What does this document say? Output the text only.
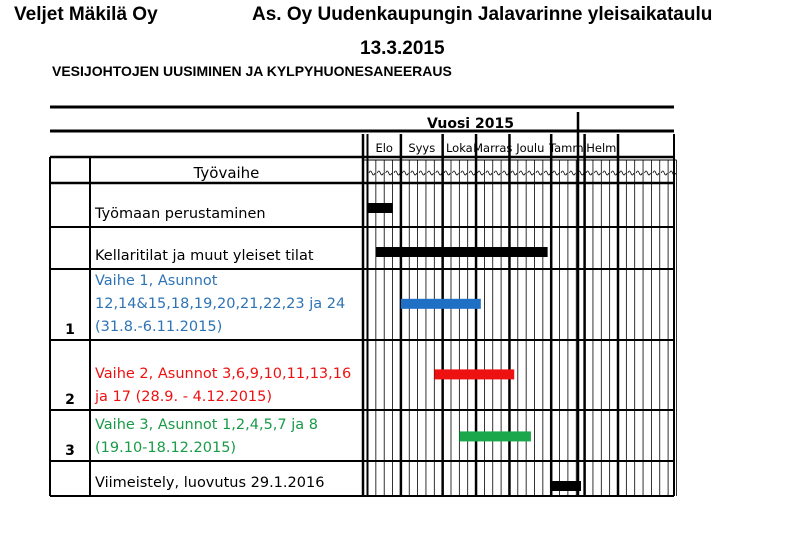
Veljet Mäkilä Oy	As. Oy Uudenkaupungin Jalavarinne yleisaikataulu
13.3.2015
VESIJOHTOJEN UUSIMINEN JA KYLPYHUONESANEERAUS
Vuosi 2015
Työvaihe
Elo Syys Loka Marras Joulu Tammi Helm
Työmaan perustaminen
Kellaritilat ja muut yleiset tilat
Vaihe 1, Asunnot
12,14&15,18,19,20,21,22,23 ja 24
(31.8.-6.11.2015)
1
Vaihe 2, Asunnot 3,6,9,10,11,13,16
ja 17 (28.9. - 4.12.2015)
2
Vaihe 3, Asunnot 1,2,4,5,7 ja 8
(19.10-18.12.2015)
3
Viimeistely, luovutus 29.1.2016
